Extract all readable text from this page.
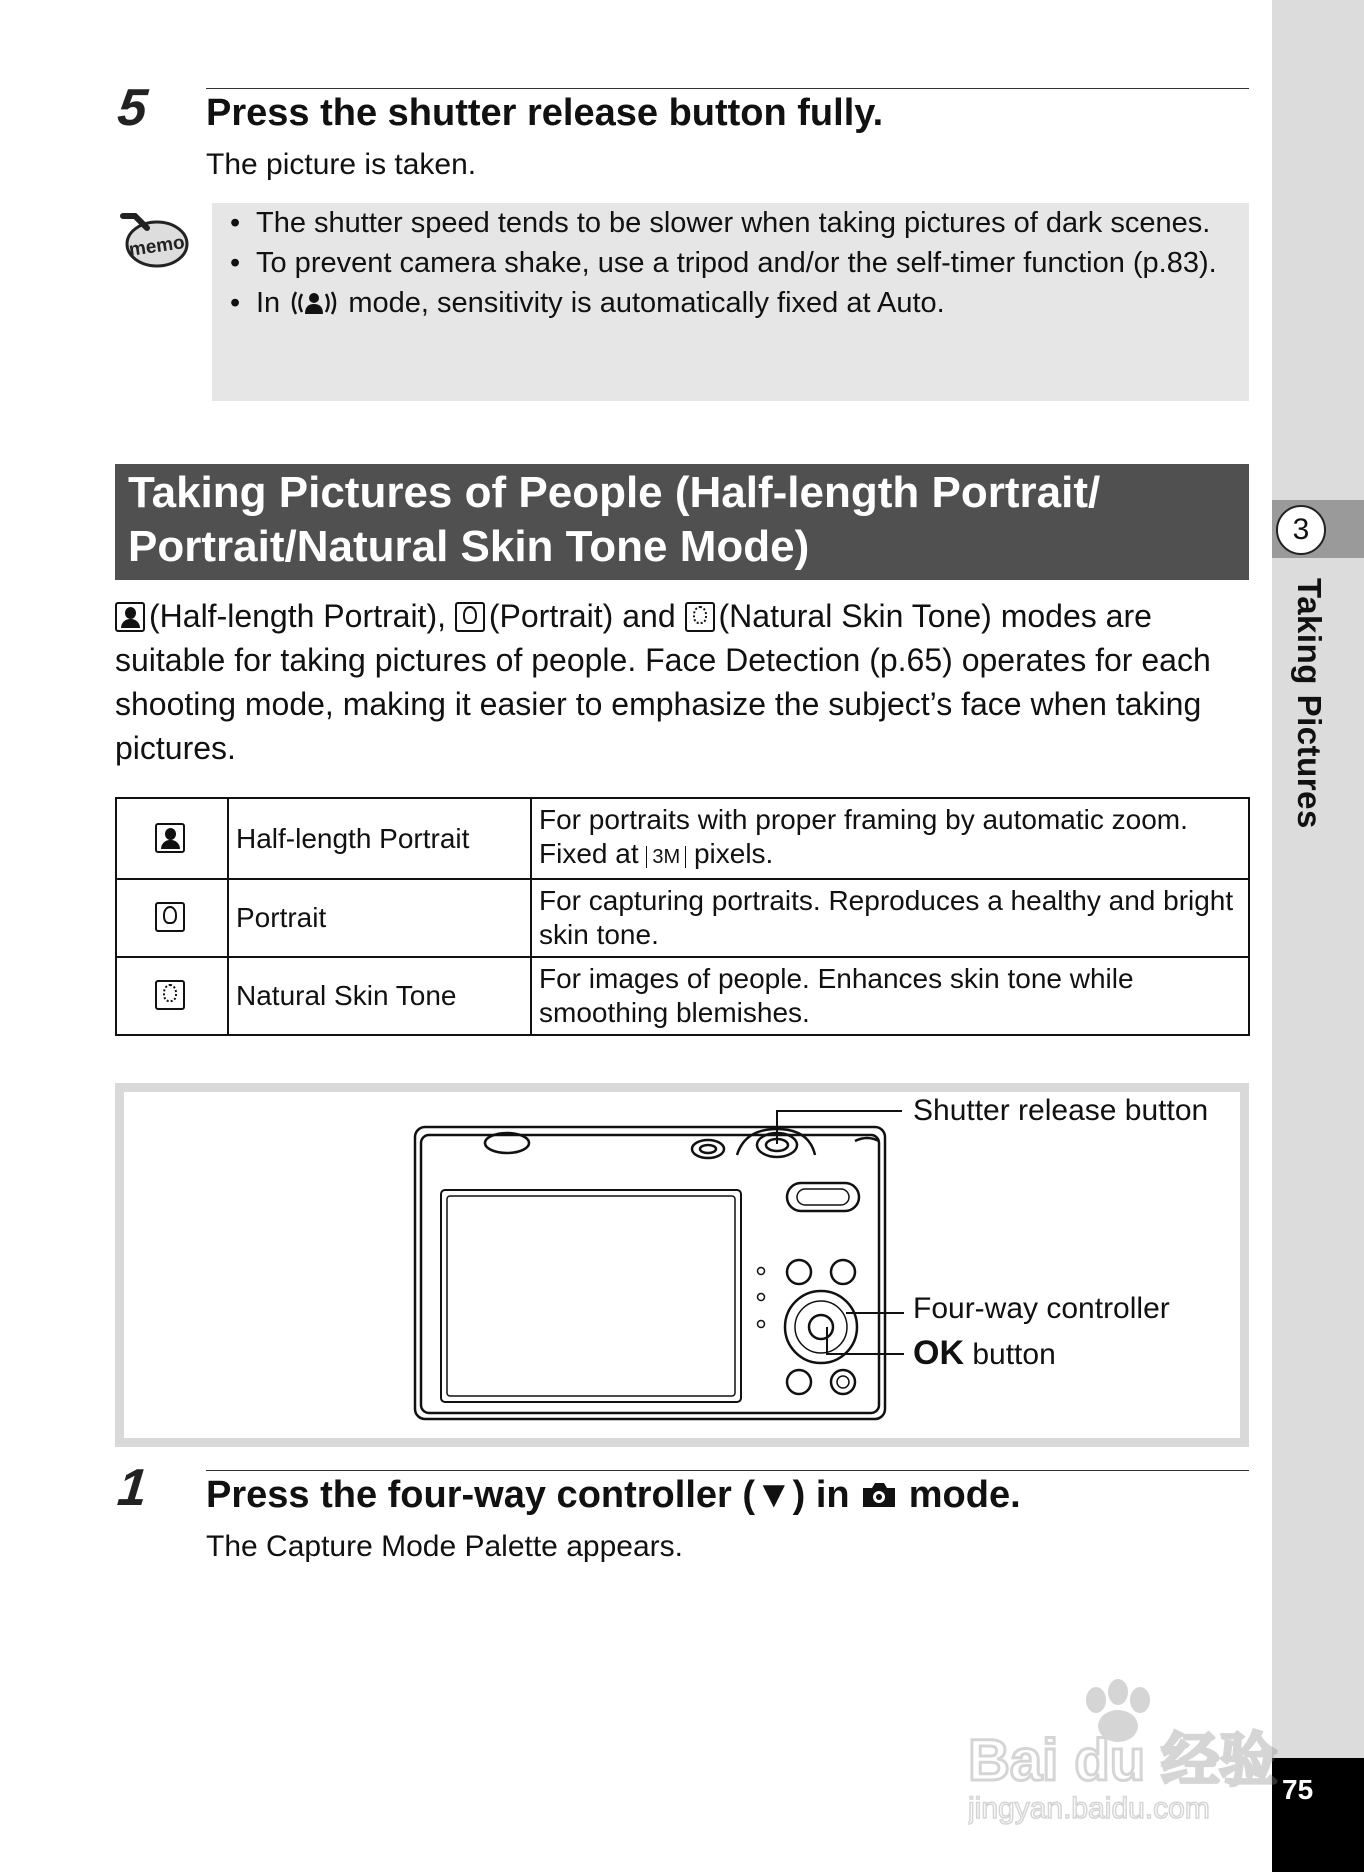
3
Taking Pictures
75
5 Press the shutter release button fully.
The picture is taken.
memo
• The shutter speed tends to be slower when taking pictures of dark scenes.
• To prevent camera shake, use a tripod and/or the self-timer function (p.83).
• In mode, sensitivity is automatically fixed at Auto.
Taking Pictures of People (Half-length Portrait/ Portrait/Natural Skin Tone Mode)
(Half-length Portrait), (Portrait) and (Natural Skin Tone) modes are suitable for taking pictures of people. Face Detection (p.65) operates for each shooting mode, making it easier to emphasize the subject’s face when taking pictures.
	Half-length Portrait	For portraits with proper framing by automatic zoom. Fixed at 3M pixels.

	Portrait	For capturing portraits. Reproduces a healthy and bright skin tone.

	Natural Skin Tone	For images of people. Enhances skin tone while smoothing blemishes.
Shutter release button
Four-way controller
OK button
1 Press the four-way controller (▼) in mode.
The Capture Mode Palette appears.
Bai du 经验
jingyan.baidu.com
